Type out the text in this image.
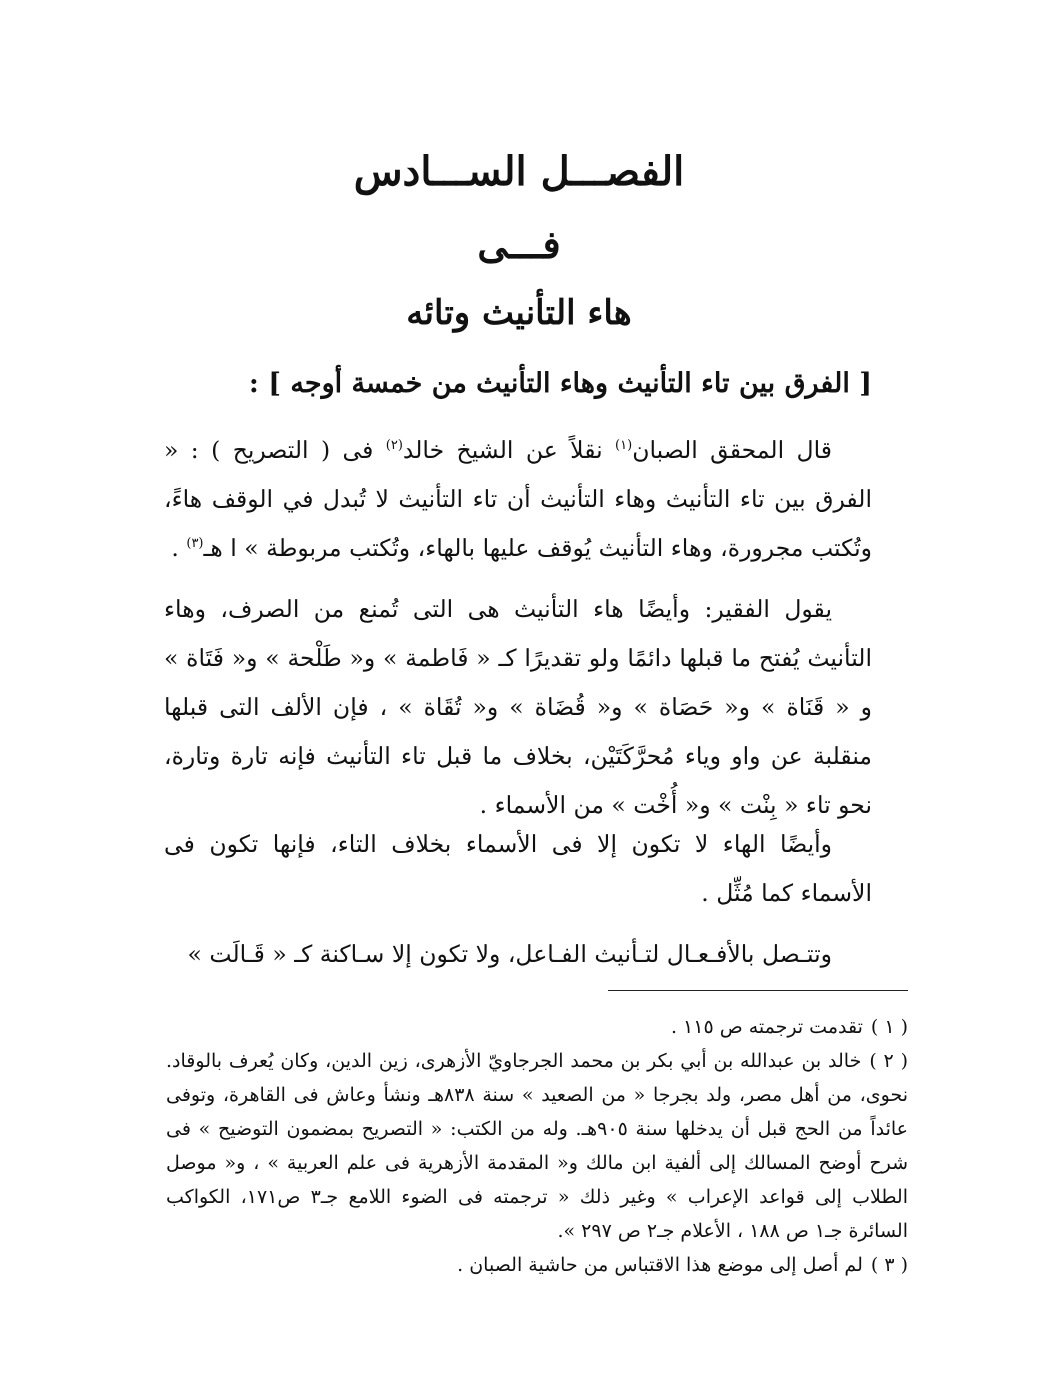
الفصـــل الســـادس
فـــى
هاء التأنيث وتائه
[ الفرق بين تاء التأنيث وهاء التأنيث من خمسة أوجه ] :

قال المحقق الصبان$^{(١)}$ نقلاً عن الشيخ خالد$^{(٢)}$ فى ( التصريح ) : « الفرق بين تاء التأنيث وهاء التأنيث أن تاء التأنيث لا تُبدل في الوقف هاءً، وتُكتب مجرورة، وهاء التأنيث يُوقف عليها بالهاء، وتُكتب مربوطة » ا هـ$^{(٣)}$ .

يقول الفقير: وأيضًا هاء التأنيث هى التى تُمنع من الصرف، وهاء التأنيث يُفتح ما قبلها دائمًا ولو تقديرًا كـ « فَاطمة » و« طَلْحة » و« فَتَاة » و « قَنَاة » و« حَصَاة » و« قُضَاة » و« تُقَاة » ، فإن الألف التى قبلها منقلبة عن واو وياء مُحرَّكَتَيْن، بخلاف ما قبل تاء التأنيث فإنه تارة وتارة، نحو تاء « بِنْت » و« أُخْت » من الأسماء .

وأيضًا الهاء لا تكون إلا فى الأسماء بخلاف التاء، فإنها تكون فى الأسماء كما مُثِّل .

وتتـصل بالأفـعـال لتـأنيث الفـاعل، ولا تكون إلا سـاكنة كـ « قَـالَت »

( ١ )تقدمت ترجمته ص ١١٥ .
( ٢ )خالد بن عبدالله بن أبي بكر بن محمد الجرجاويّ الأزهرى، زين الدين، وكان يُعرف بالوقاد. نحوى، من أهل مصر، ولد بجرجا « من الصعيد » سنة ٨٣٨هـ ونشأ وعاش فى القاهرة، وتوفى عائداً من الحج قبل أن يدخلها سنة ٩٠٥هـ. وله من الكتب: « التصريح بمضمون التوضيح » فى شرح أوضح المسالك إلى ألفية ابن مالك و« المقدمة الأزهرية فى علم العربية » ، و« موصل الطلاب إلى قواعد الإعراب » وغير ذلك « ترجمته فى الضوء اللامع جـ٣ ص١٧١، الكواكب السائرة جـ١ ص ١٨٨ ، الأعلام جـ٢ ص ٢٩٧ ».
( ٣ )لم أصل إلى موضع هذا الاقتباس من حاشية الصبان .
